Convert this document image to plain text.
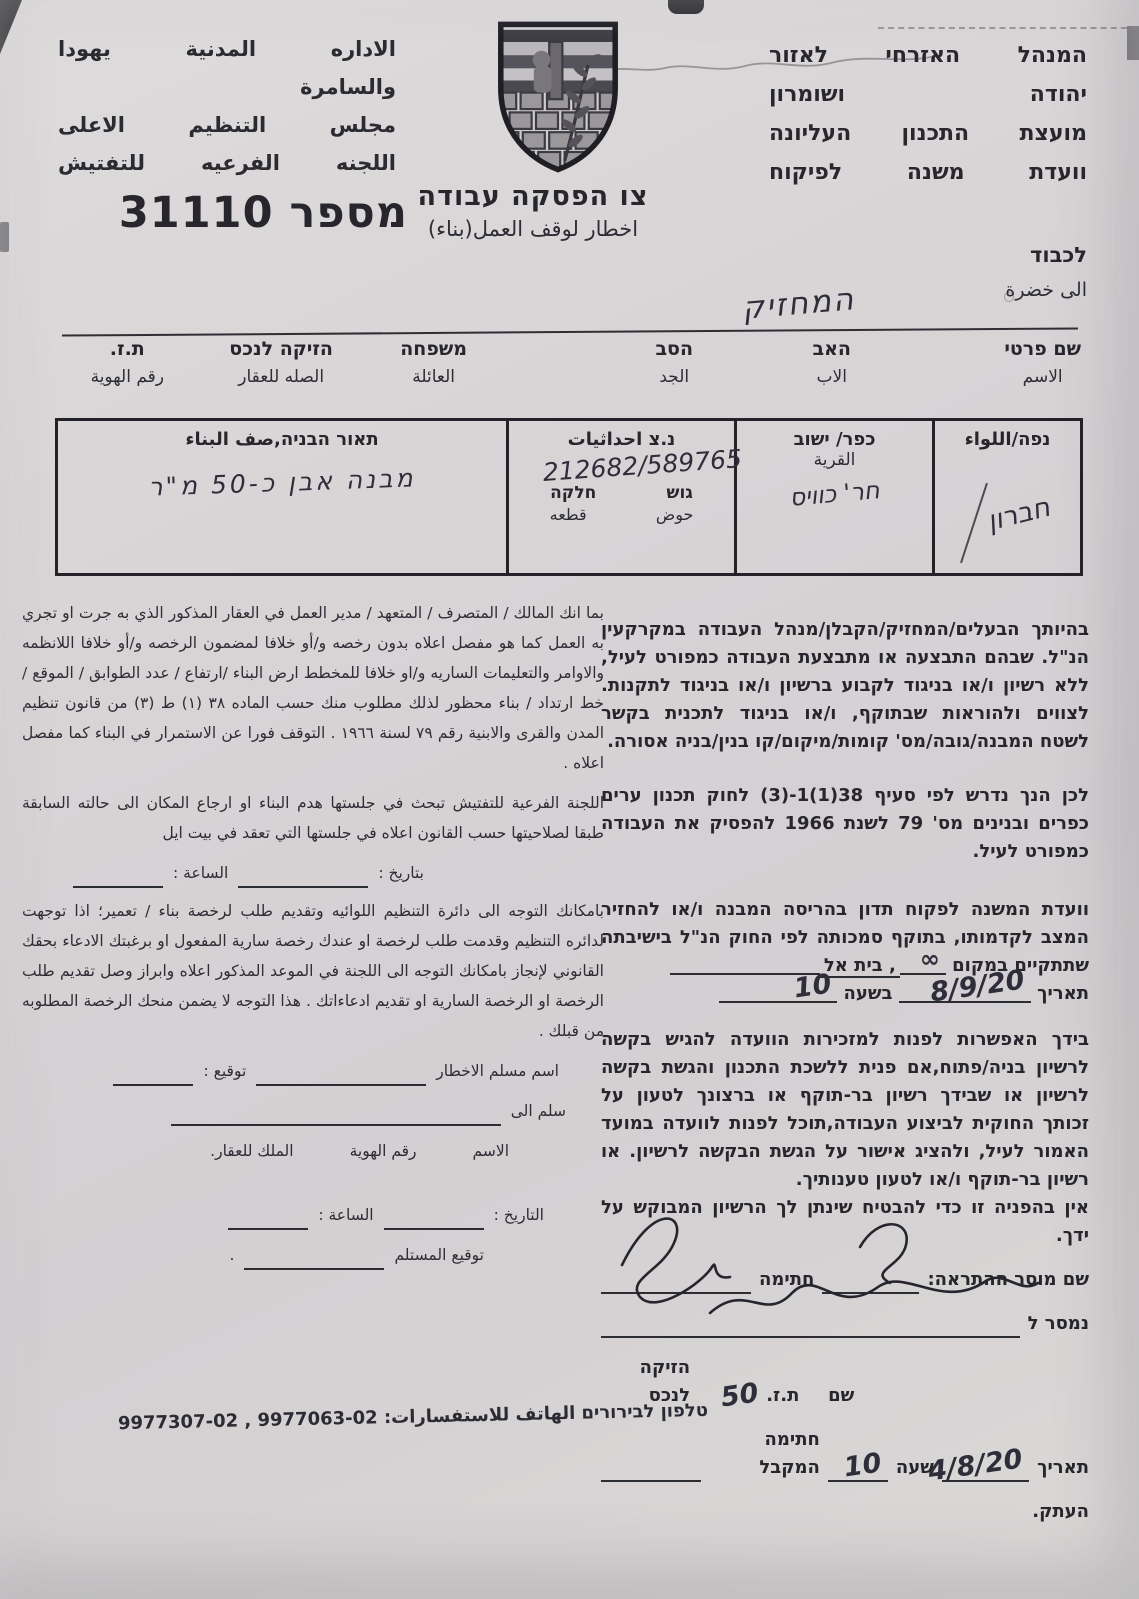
الاداره المدنية يهودا
والسامرة
مجلس التنظيم الاعلى
اللجنه الفرعيه للتفتيش
המנהל האזרחי לאזור
יהודה ושומרון
מועצת התכנון העליונה
וועדת משנה לפיקוח
צו הפסקה עבודה
اخطار لوقف العمل(بناء)
מספר 31110
לכבוד
الى خضرة
המחזיק
שם פרטי
الاسم
האב
الاب
הסב
الجد
משפחה
العائلة
הזיקה לנכס
الصله للعقار
ת.ז.
رقم الهوية
נפה/اللواء
חברון
כפר/ ישוב
القرية
חר' כוויס
נ.צ احداثيات
212682/589765
גוש
חלקה
حوض
قطعه
תאור הבניה,صف البناء
מבנה אבן כ-50 מ"ר

בהיותך הבעלים/המחזיק/הקבלן/מנהל העבודה במקרקעין הנ"ל. שבהם התבצעה או מתבצעת העבודה כמפורט לעיל, ללא רשיון ו/או בניגוד לקבוע ברשיון ו/או בניגוד לתקנות. לצווים ולהוראות שבתוקף, ו/או בניגוד לתכנית בקשר לשטח המבנה/גובה/מס' קומות/מיקום/קו בנין/בניה אסורה.

לכן הנך נדרש לפי סעיף 38(1)1-(3) לחוק תכנון ערים כפרים ובנינים מס' 79 לשנת 1966 להפסיק את העבודה כמפורט לעיל.

וועדת המשנה לפקוח תדון בהריסה המבנה ו/או להחזיר המצב לקדמותו, בתוקף סמכותה לפי החוק הנ"ל בישיבתה שתתקיים במקום
∞
, בית אל
תאריך
8/9/20
בשעה
10

בידך האפשרות לפנות למזכירות הוועדה להגיש בקשה לרשיון בניה/פתוח,אם פנית ללשכת התכנון והגשת בקשה לרשיון או שבידך רשיון בר-תוקף או ברצונך לטעון על זכותך החוקית לביצוע העבודה,תוכל לפנות לוועדה במועד האמור לעיל, ולהציג אישור על הגשת הבקשה לרשיון. או רשיון בר-תוקף ו/או לטעון טענותיך.

אין בהפניה זו כדי להבטיח שינתן לך הרשיון המבוקש על ידך.

שם מוסר ההתראה:
חתימה
נמסר ל
שם
ת.ז.
50
הזיקה לנכס
תאריך
4/8/20
שעה
10
חתימה המקבל
העתק.

بما انك المالك / المتصرف / المتعهد / مدير العمل في العقار المذكور الذي به جرت او تجري به العمل كما هو مفصل اعلاه بدون رخصه و/أو خلافا لمضمون الرخصه و/أو خلافا اللانظمه والاوامر والتعليمات الساريه و/او خلافا للمخطط ارض البناء /ارتفاع / عدد الطوابق / الموقع / خط ارتداد / بناء محظور لذلك مطلوب منك حسب الماده ٣٨ (١) ط (٣) من قانون تنظيم المدن والقرى والابنية رقم ٧٩ لسنة ١٩٦٦ . التوقف فورا عن الاستمرار في البناء كما مفصل اعلاه .

اللجنة الفرعية للتفتيش تبحث في جلستها هدم البناء او ارجاع المكان الى حالته السابقة طبقا لصلاحيتها حسب القانون اعلاه في جلستها التي تعقد في بيت ايل

بتاريخ :
الساعة :

بامكانك التوجه الى دائرة التنظيم اللوائيه وتقديم طلب لرخصة بناء / تعمير؛ اذا توجهت لدائره التنظيم وقدمت طلب لرخصة او عندك رخصة سارية المفعول او برغبتك الادعاء بحقك القانوني لإنجاز بامكانك التوجه الى اللجنة في الموعد المذكور اعلاه وابراز وصل تقديم طلب الرخصة او الرخصة السارية او تقديم ادعاءاتك . هذا التوجه لا يضمن منحك الرخصة المطلوبه من قبلك .

اسم مسلم الاخطار
توقيع :
سلم الى
الاسم
رقم الهوية
الملك للعقار.
التاريخ :
الساعة :
توقيع المستلم
.
טלפון לבירורים الهاتف للاستفسارات: 02-9977063 , 02-9977307
